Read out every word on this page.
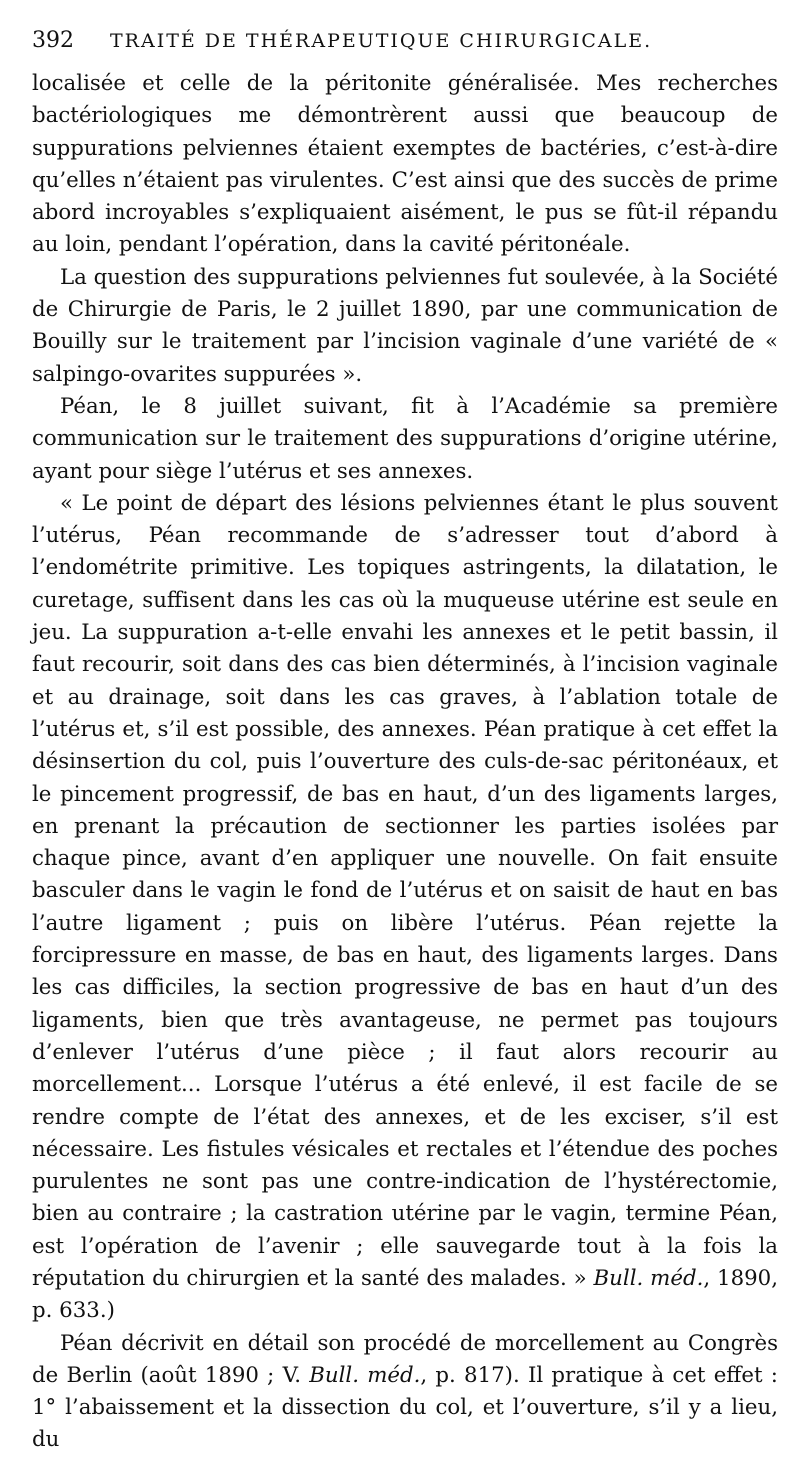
392	TRAITÉ DE THÉRAPEUTIQUE CHIRURGICALE.

localisée et celle de la péritonite généralisée. Mes recherches bactériologiques me démontrèrent aussi que beaucoup de suppurations pelviennes étaient exemptes de bactéries, c’est-à-dire qu’elles n’étaient pas virulentes. C’est ainsi que des succès de prime abord incroyables s’expliquaient aisément, le pus se fût-il répandu au loin, pendant l’opération, dans la cavité péritonéale.

La question des suppurations pelviennes fut soulevée, à la Société de Chirurgie de Paris, le 2 juillet 1890, par une communication de Bouilly sur le traitement par l’incision vaginale d’une variété de « salpingo-ovarites suppurées ».

Péan, le 8 juillet suivant, fit à l’Académie sa première communication sur le traitement des suppurations d’origine utérine, ayant pour siège l’utérus et ses annexes.

« Le point de départ des lésions pelviennes étant le plus souvent l’utérus, Péan recommande de s’adresser tout d’abord à l’endométrite primitive. Les topiques astringents, la dilatation, le curetage, suffisent dans les cas où la muqueuse utérine est seule en jeu. La suppuration a-t-elle envahi les annexes et le petit bassin, il faut recourir, soit dans des cas bien déterminés, à l’incision vaginale et au drainage, soit dans les cas graves, à l’ablation totale de l’utérus et, s’il est possible, des annexes. Péan pratique à cet effet la désinsertion du col, puis l’ouverture des culs-de-sac péritonéaux, et le pincement progressif, de bas en haut, d’un des ligaments larges, en prenant la précaution de sectionner les parties isolées par chaque pince, avant d’en appliquer une nouvelle. On fait ensuite basculer dans le vagin le fond de l’utérus et on saisit de haut en bas l’autre ligament ; puis on libère l’utérus. Péan rejette la forcipressure en masse, de bas en haut, des ligaments larges. Dans les cas difficiles, la section progressive de bas en haut d’un des ligaments, bien que très avantageuse, ne permet pas toujours d’enlever l’utérus d’une pièce ; il faut alors recourir au morcellement... Lorsque l’utérus a été enlevé, il est facile de se rendre compte de l’état des annexes, et de les exciser, s’il est nécessaire. Les fistules vésicales et rectales et l’étendue des poches purulentes ne sont pas une contre-indication de l’hystérectomie, bien au contraire ; la castration utérine par le vagin, termine Péan, est l’opération de l’avenir ; elle sauvegarde tout à la fois la réputation du chirurgien et la santé des malades. » Bull. méd., 1890, p. 633.)

Péan décrivit en détail son procédé de morcellement au Congrès de Berlin (août 1890 ; V. Bull. méd., p. 817). Il pratique à cet effet : 1° l’abaissement et la dissection du col, et l’ouverture, s’il y a lieu, du
